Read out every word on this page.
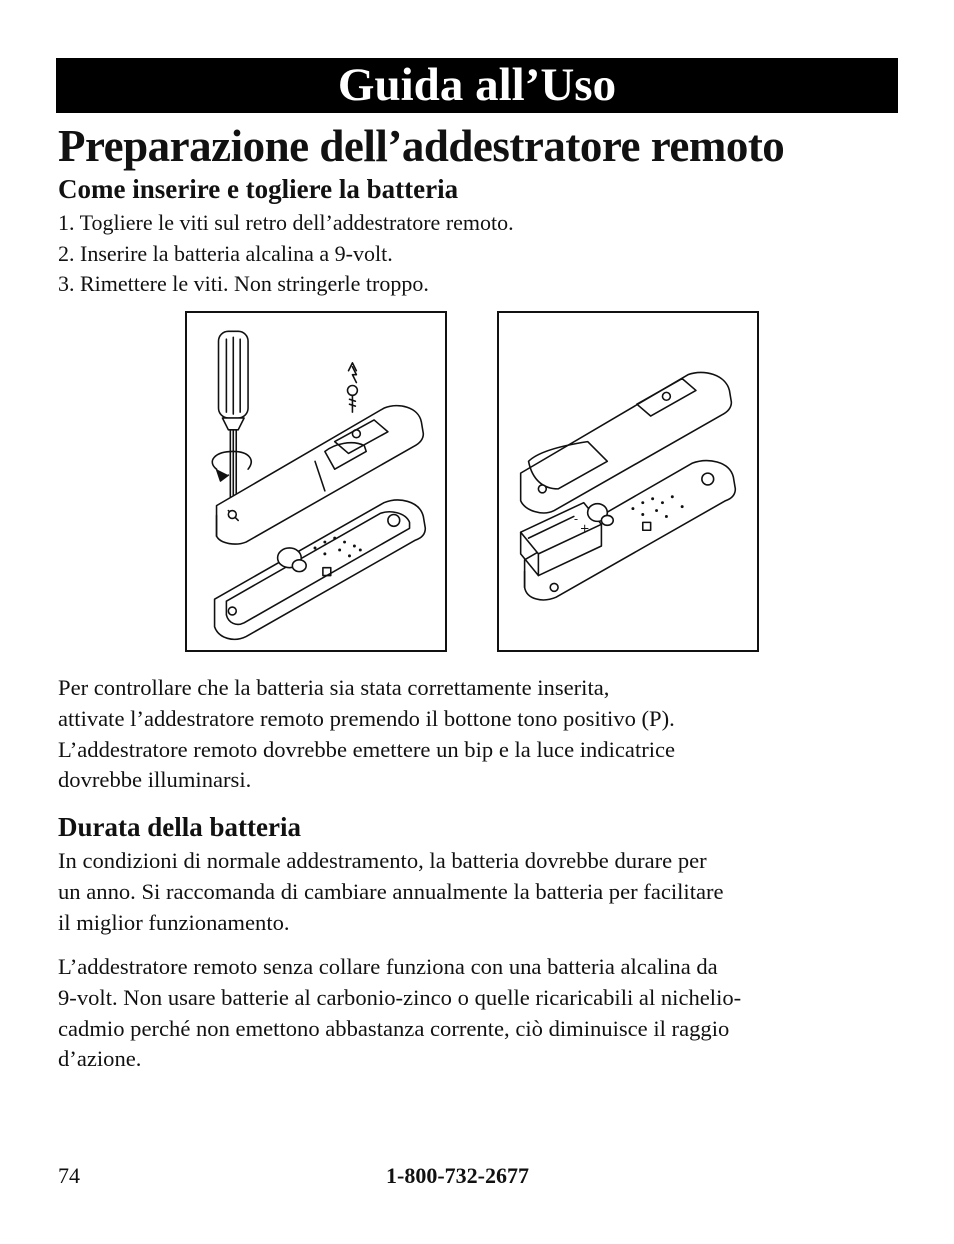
Guida all’Uso
Preparazione dell’addestratore remoto
Come inserire e togliere la batteria
1. Togliere le viti sul retro dell’addestratore remoto.
2. Inserire la batteria alcalina a 9-volt.
3. Rimettere le viti. Non stringerle troppo.
-
+

Per controllare che la batteria sia stata correttamente inserita,
attivate l’addestratore remoto premendo il bottone tono positivo (P).
L’addestratore remoto dovrebbe emettere un bip e la luce indicatrice
dovrebbe illuminarsi.

Durata della batteria

In condizioni di normale addestramento, la batteria dovrebbe durare per
un anno. Si raccomanda di cambiare annualmente la batteria per facilitare
il miglior funzionamento.

L’addestratore remoto senza collare funziona con una batteria alcalina da
9-volt. Non usare batterie al carbonio-zinco o quelle ricaricabili al nichelio-
cadmio perché non emettono abbastanza corrente, ciò diminuisce il raggio
d’azione.

74	1-800-732-2677
